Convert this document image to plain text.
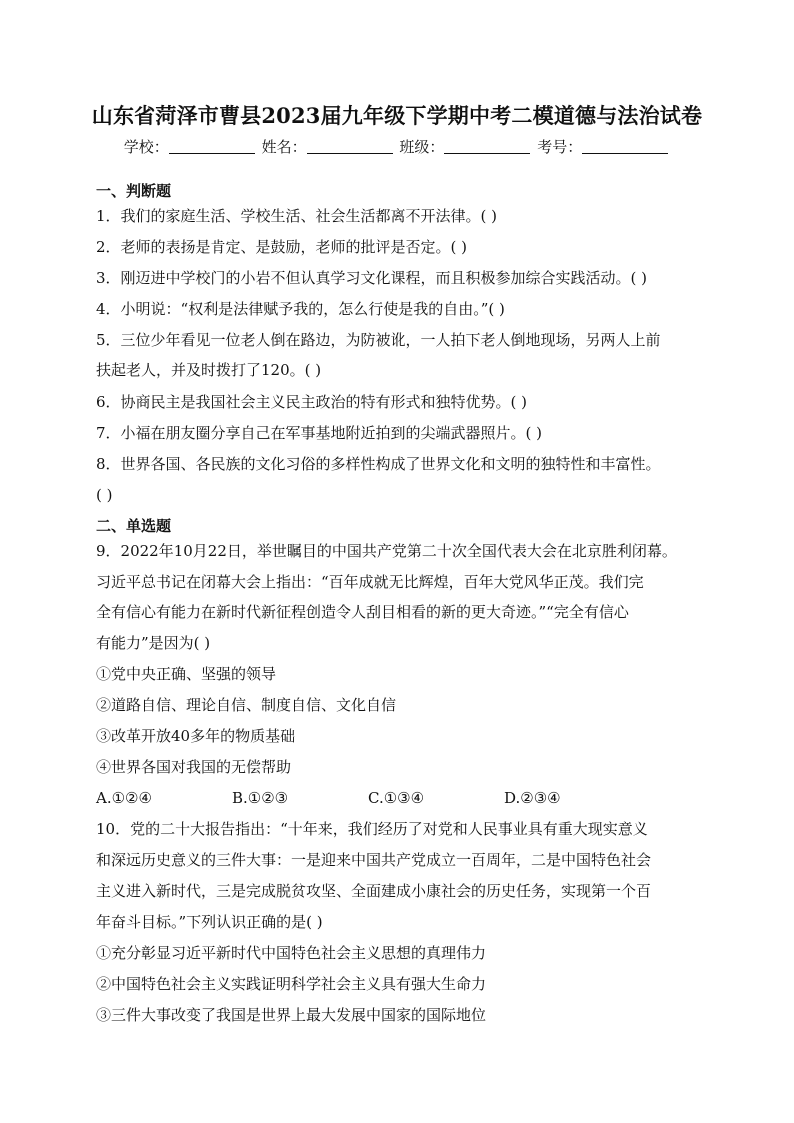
山东省菏泽市曹县2023届九年级下学期中考二模道德与法治试卷
学校：	姓名：	班级：	考号：
一、判断题
1．我们的家庭生活、学校生活、社会生活都离不开法律。( )
2．老师的表扬是肯定、是鼓励，老师的批评是否定。( )
3．刚迈进中学校门的小岩不但认真学习文化课程，而且积极参加综合实践活动。( )
4．小明说：“权利是法律赋予我的，怎么行使是我的自由。”( )
5．三位少年看见一位老人倒在路边，为防被讹，一人拍下老人倒地现场，另两人上前
扶起老人，并及时拨打了120。( )
6．协商民主是我国社会主义民主政治的特有形式和独特优势。( )
7．小福在朋友圈分享自己在军事基地附近拍到的尖端武器照片。( )
8．世界各国、各民族的文化习俗的多样性构成了世界文化和文明的独特性和丰富性。
( )
二、单选题
9．2022年10月22日，举世瞩目的中国共产党第二十次全国代表大会在北京胜利闭幕。
习近平总书记在闭幕大会上指出：“百年成就无比辉煌，百年大党风华正茂。我们完
全有信心有能力在新时代新征程创造令人刮目相看的新的更大奇迹。”“完全有信心
有能力”是因为( )
①党中央正确、坚强的领导
②道路自信、理论自信、制度自信、文化自信
③改革开放40多年的物质基础
④世界各国对我国的无偿帮助
A.①②④	B.①②③	C.①③④	D.②③④
10．党的二十大报告指出：“十年来，我们经历了对党和人民事业具有重大现实意义
和深远历史意义的三件大事：一是迎来中国共产党成立一百周年，二是中国特色社会
主义进入新时代，三是完成脱贫攻坚、全面建成小康社会的历史任务，实现第一个百
年奋斗目标。”下列认识正确的是( )
①充分彰显习近平新时代中国特色社会主义思想的真理伟力
②中国特色社会主义实践证明科学社会主义具有强大生命力
③三件大事改变了我国是世界上最大发展中国家的国际地位
